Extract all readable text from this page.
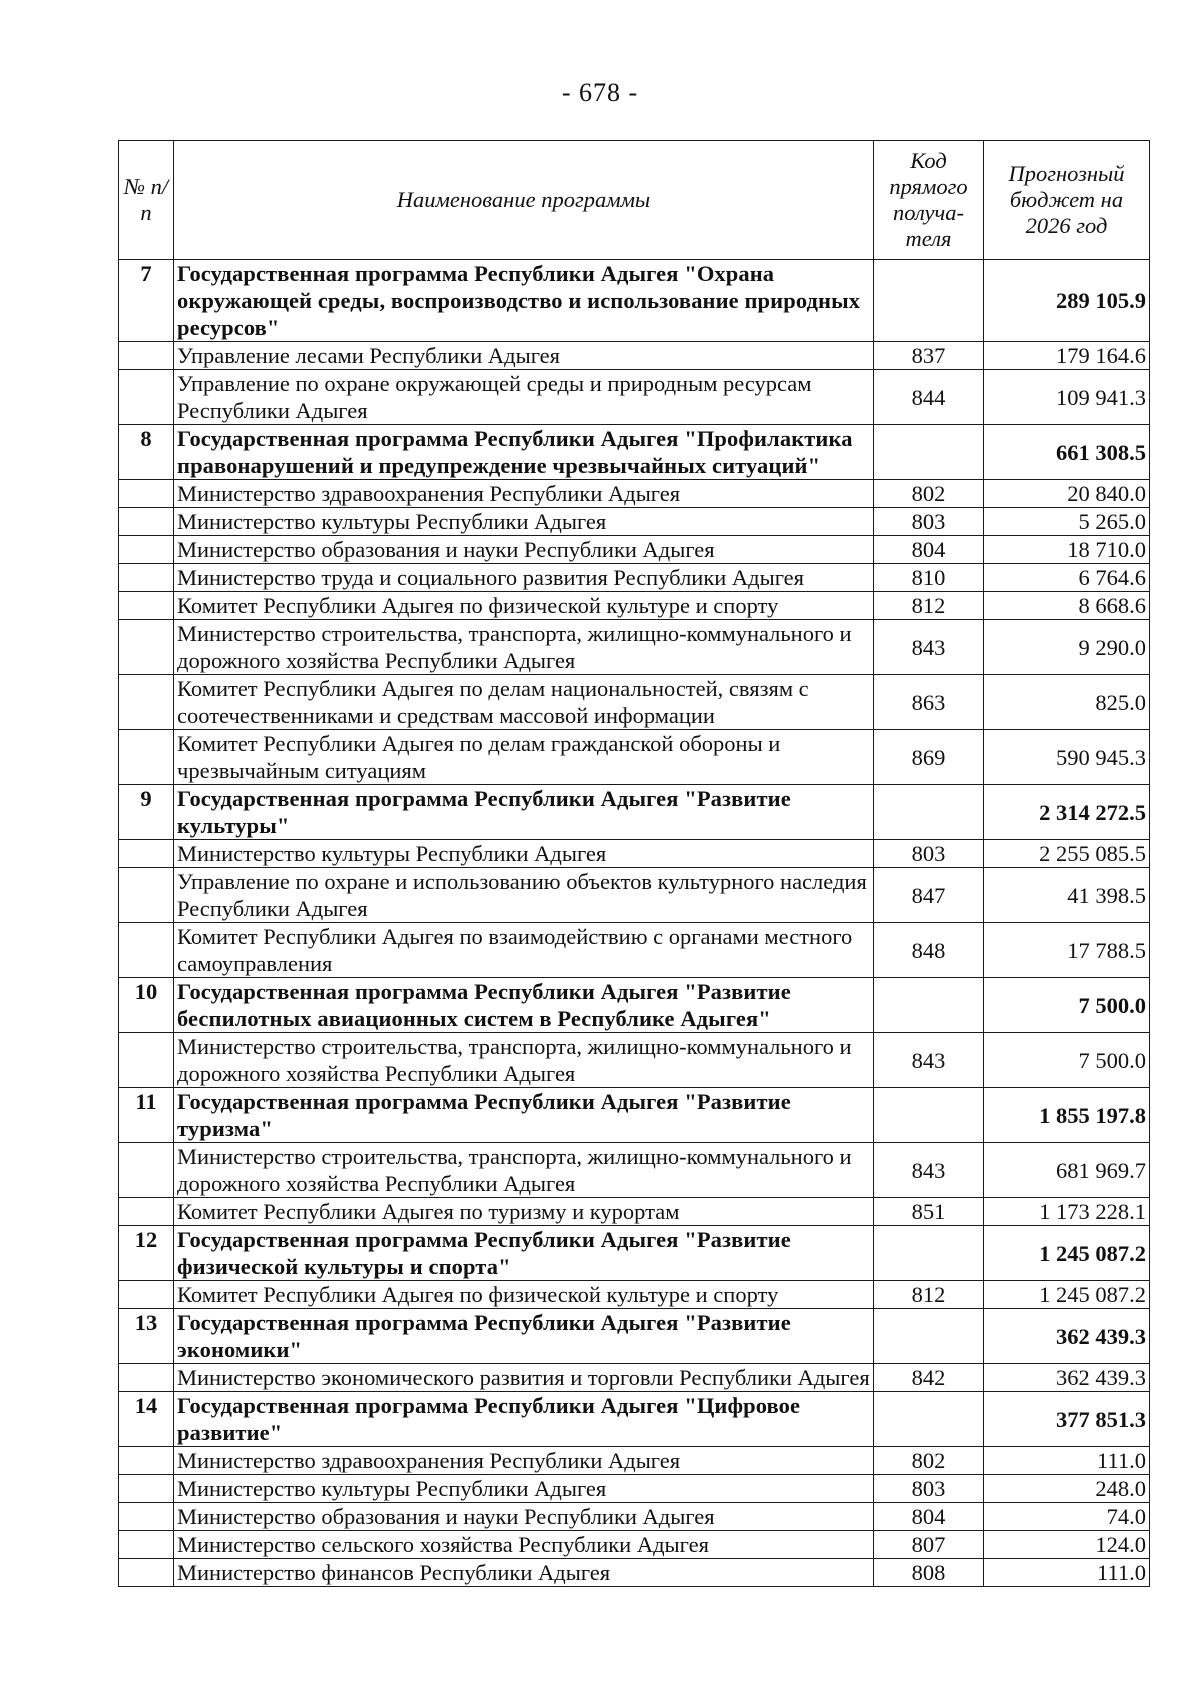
- 678 -
№ п/п	Наименование программы	Код прямого получа- теля	Прогнозный бюджет на 2026 год
7	Государственная программа Республики Адыгея "Охрана окружающей среды, воспроизводство и использование природных ресурсов"		289 105.9
	Управление лесами Республики Адыгея	837	179 164.6
	Управление по охране окружающей среды и природным ресурсам Республики Адыгея	844	109 941.3
8	Государственная программа Республики Адыгея "Профилактика правонарушений и предупреждение чрезвычайных ситуаций"		661 308.5
	Министерство здравоохранения Республики Адыгея	802	20 840.0
	Министерство культуры Республики Адыгея	803	5 265.0
	Министерство образования и науки Республики Адыгея	804	18 710.0
	Министерство труда и социального развития Республики Адыгея	810	6 764.6
	Комитет Республики Адыгея по физической культуре и спорту	812	8 668.6
	Министерство строительства, транспорта, жилищно-коммунального и дорожного хозяйства Республики Адыгея	843	9 290.0
	Комитет Республики Адыгея по делам национальностей, связям с соотечественниками и средствам массовой информации	863	825.0
	Комитет Республики Адыгея по делам гражданской обороны и чрезвычайным ситуациям	869	590 945.3
9	Государственная программа Республики Адыгея "Развитие культуры"		2 314 272.5
	Министерство культуры Республики Адыгея	803	2 255 085.5
	Управление по охране и использованию объектов культурного наследия Республики Адыгея	847	41 398.5
	Комитет Республики Адыгея по взаимодействию с органами местного самоуправления	848	17 788.5
10	Государственная программа Республики Адыгея "Развитие беспилотных авиационных систем в Республике Адыгея"		7 500.0
	Министерство строительства, транспорта, жилищно-коммунального и дорожного хозяйства Республики Адыгея	843	7 500.0
11	Государственная программа Республики Адыгея "Развитие туризма"		1 855 197.8
	Министерство строительства, транспорта, жилищно-коммунального и дорожного хозяйства Республики Адыгея	843	681 969.7
	Комитет Республики Адыгея по туризму и курортам	851	1 173 228.1
12	Государственная программа Республики Адыгея "Развитие физической культуры и спорта"		1 245 087.2
	Комитет Республики Адыгея по физической культуре и спорту	812	1 245 087.2
13	Государственная программа Республики Адыгея "Развитие экономики"		362 439.3
	Министерство экономического развития и торговли Республики Адыгея	842	362 439.3
14	Государственная программа Республики Адыгея "Цифровое развитие"		377 851.3
	Министерство здравоохранения Республики Адыгея	802	111.0
	Министерство культуры Республики Адыгея	803	248.0
	Министерство образования и науки Республики Адыгея	804	74.0
	Министерство сельского хозяйства Республики Адыгея	807	124.0
	Министерство финансов Республики Адыгея	808	111.0
